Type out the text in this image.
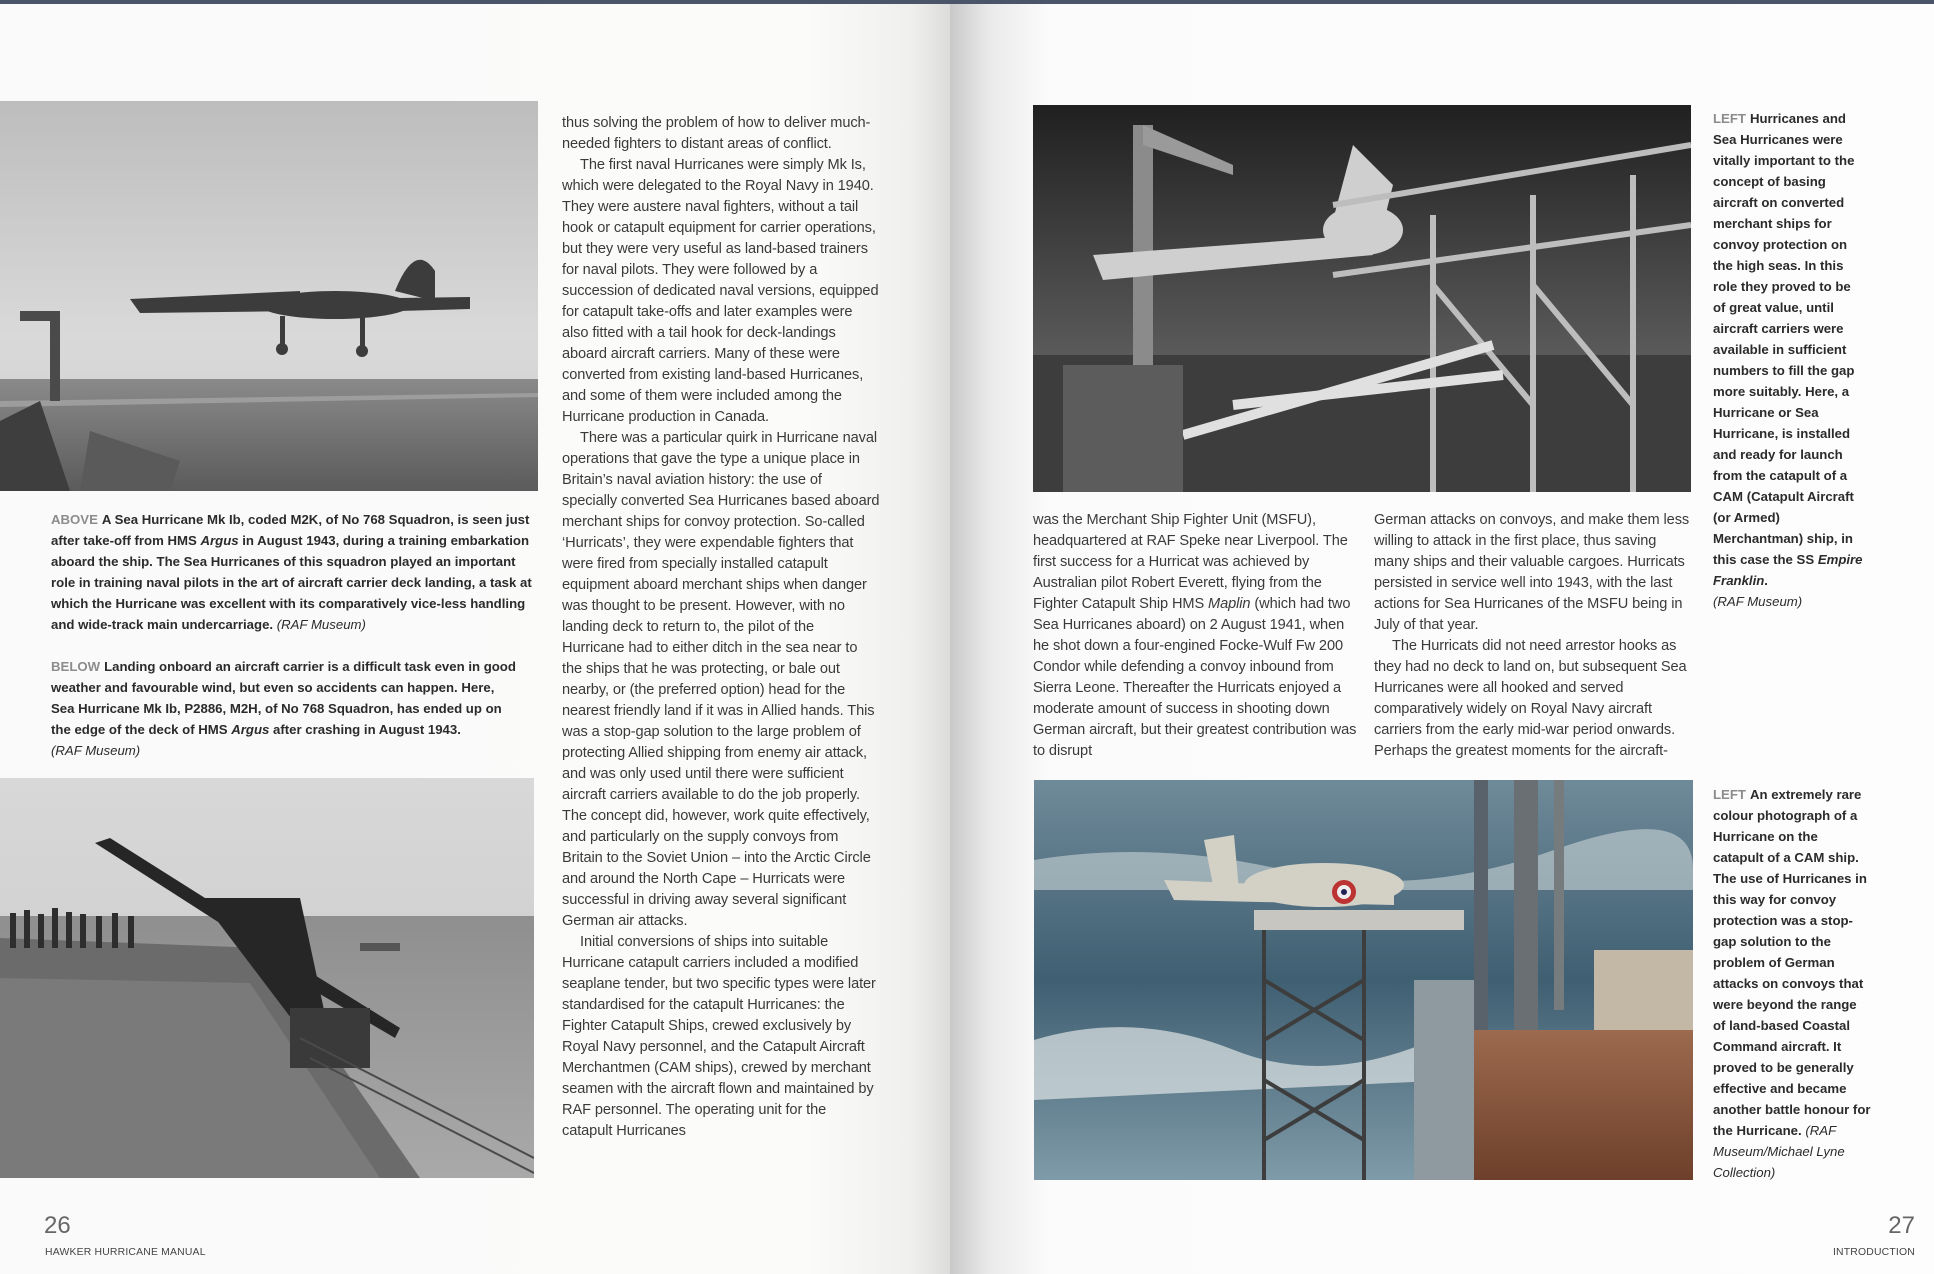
ABOVE A Sea Hurricane Mk Ib, coded M2K, of No 768 Squadron, is seen just after take-off from HMS Argus in August 1943, during a training embarkation aboard the ship. The Sea Hurricanes of this squadron played an important role in training naval pilots in the art of aircraft carrier deck landing, a task at which the Hurricane was excellent with its comparatively vice-less handling and wide-track main undercarriage. (RAF Museum)
BELOW Landing onboard an aircraft carrier is a difficult task even in good weather and favourable wind, but even so accidents can happen. Here, Sea Hurricane Mk Ib, P2886, M2H, of No 768 Squadron, has ended up on the edge of the deck of HMS Argus after crashing in August 1943.
(RAF Museum)

thus solving the problem of how to deliver much-needed fighters to distant areas of conflict.

The first naval Hurricanes were simply Mk Is, which were delegated to the Royal Navy in 1940. They were austere naval fighters, without a tail hook or catapult equipment for carrier operations, but they were very useful as land-based trainers for naval pilots. They were followed by a succession of dedicated naval versions, equipped for catapult take-offs and later examples were also fitted with a tail hook for deck-landings aboard aircraft carriers. Many of these were converted from existing land-based Hurricanes, and some of them were included among the Hurricane production in Canada.

There was a particular quirk in Hurricane naval operations that gave the type a unique place in Britain’s naval aviation history: the use of specially converted Sea Hurricanes based aboard merchant ships for convoy protection. So-called ‘Hurricats’, they were expendable fighters that were fired from specially installed catapult equipment aboard merchant ships when danger was thought to be present. However, with no landing deck to return to, the pilot of the Hurricane had to either ditch in the sea near to the ships that he was protecting, or bale out nearby, or (the preferred option) head for the nearest friendly land if it was in Allied hands. This was a stop-gap solution to the large problem of protecting Allied shipping from enemy air attack, and was only used until there were sufficient aircraft carriers available to do the job properly. The concept did, however, work quite effectively, and particularly on the supply convoys from Britain to the Soviet Union – into the Arctic Circle and around the North Cape – Hurricats were successful in driving away several significant German air attacks.

Initial conversions of ships into suitable Hurricane catapult carriers included a modified seaplane tender, but two specific types were later standardised for the catapult Hurricanes: the Fighter Catapult Ships, crewed exclusively by Royal Navy personnel, and the Catapult Aircraft Merchantmen (CAM ships), crewed by merchant seamen with the aircraft flown and maintained by RAF personnel. The operating unit for the catapult Hurricanes

26
HAWKER HURRICANE MANUAL
LEFT Hurricanes and Sea Hurricanes were vitally important to the concept of basing aircraft on converted merchant ships for convoy protection on the high seas. In this role they proved to be of great value, until aircraft carriers were available in sufficient numbers to fill the gap more suitably. Here, a Hurricane or Sea Hurricane, is installed and ready for launch from the catapult of a CAM (Catapult Aircraft (or Armed) Merchantman) ship, in this case the SS Empire Franklin.
(RAF Museum)

was the Merchant Ship Fighter Unit (MSFU), headquartered at RAF Speke near Liverpool. The first success for a Hurricat was achieved by Australian pilot Robert Everett, flying from the Fighter Catapult Ship HMS Maplin (which had two Sea Hurricanes aboard) on 2 August 1941, when he shot down a four-engined Focke-Wulf Fw 200 Condor while defending a convoy inbound from Sierra Leone. Thereafter the Hurricats enjoyed a moderate amount of success in shooting down German aircraft, but their greatest contribution was to disrupt

German attacks on convoys, and make them less willing to attack in the first place, thus saving many ships and their valuable cargoes. Hurricats persisted in service well into 1943, with the last actions for Sea Hurricanes of the MSFU being in July of that year.

The Hurricats did not need arrestor hooks as they had no deck to land on, but subsequent Sea Hurricanes were all hooked and served comparatively widely on Royal Navy aircraft carriers from the early mid-war period onwards. Perhaps the greatest moments for the aircraft-

LEFT An extremely rare colour photograph of a Hurricane on the catapult of a CAM ship. The use of Hurricanes in this way for convoy protection was a stop-gap solution to the problem of German attacks on convoys that were beyond the range of land-based Coastal Command aircraft. It proved to be generally effective and became another battle honour for the Hurricane. (RAF Museum/Michael Lyne Collection)
27
INTRODUCTION
